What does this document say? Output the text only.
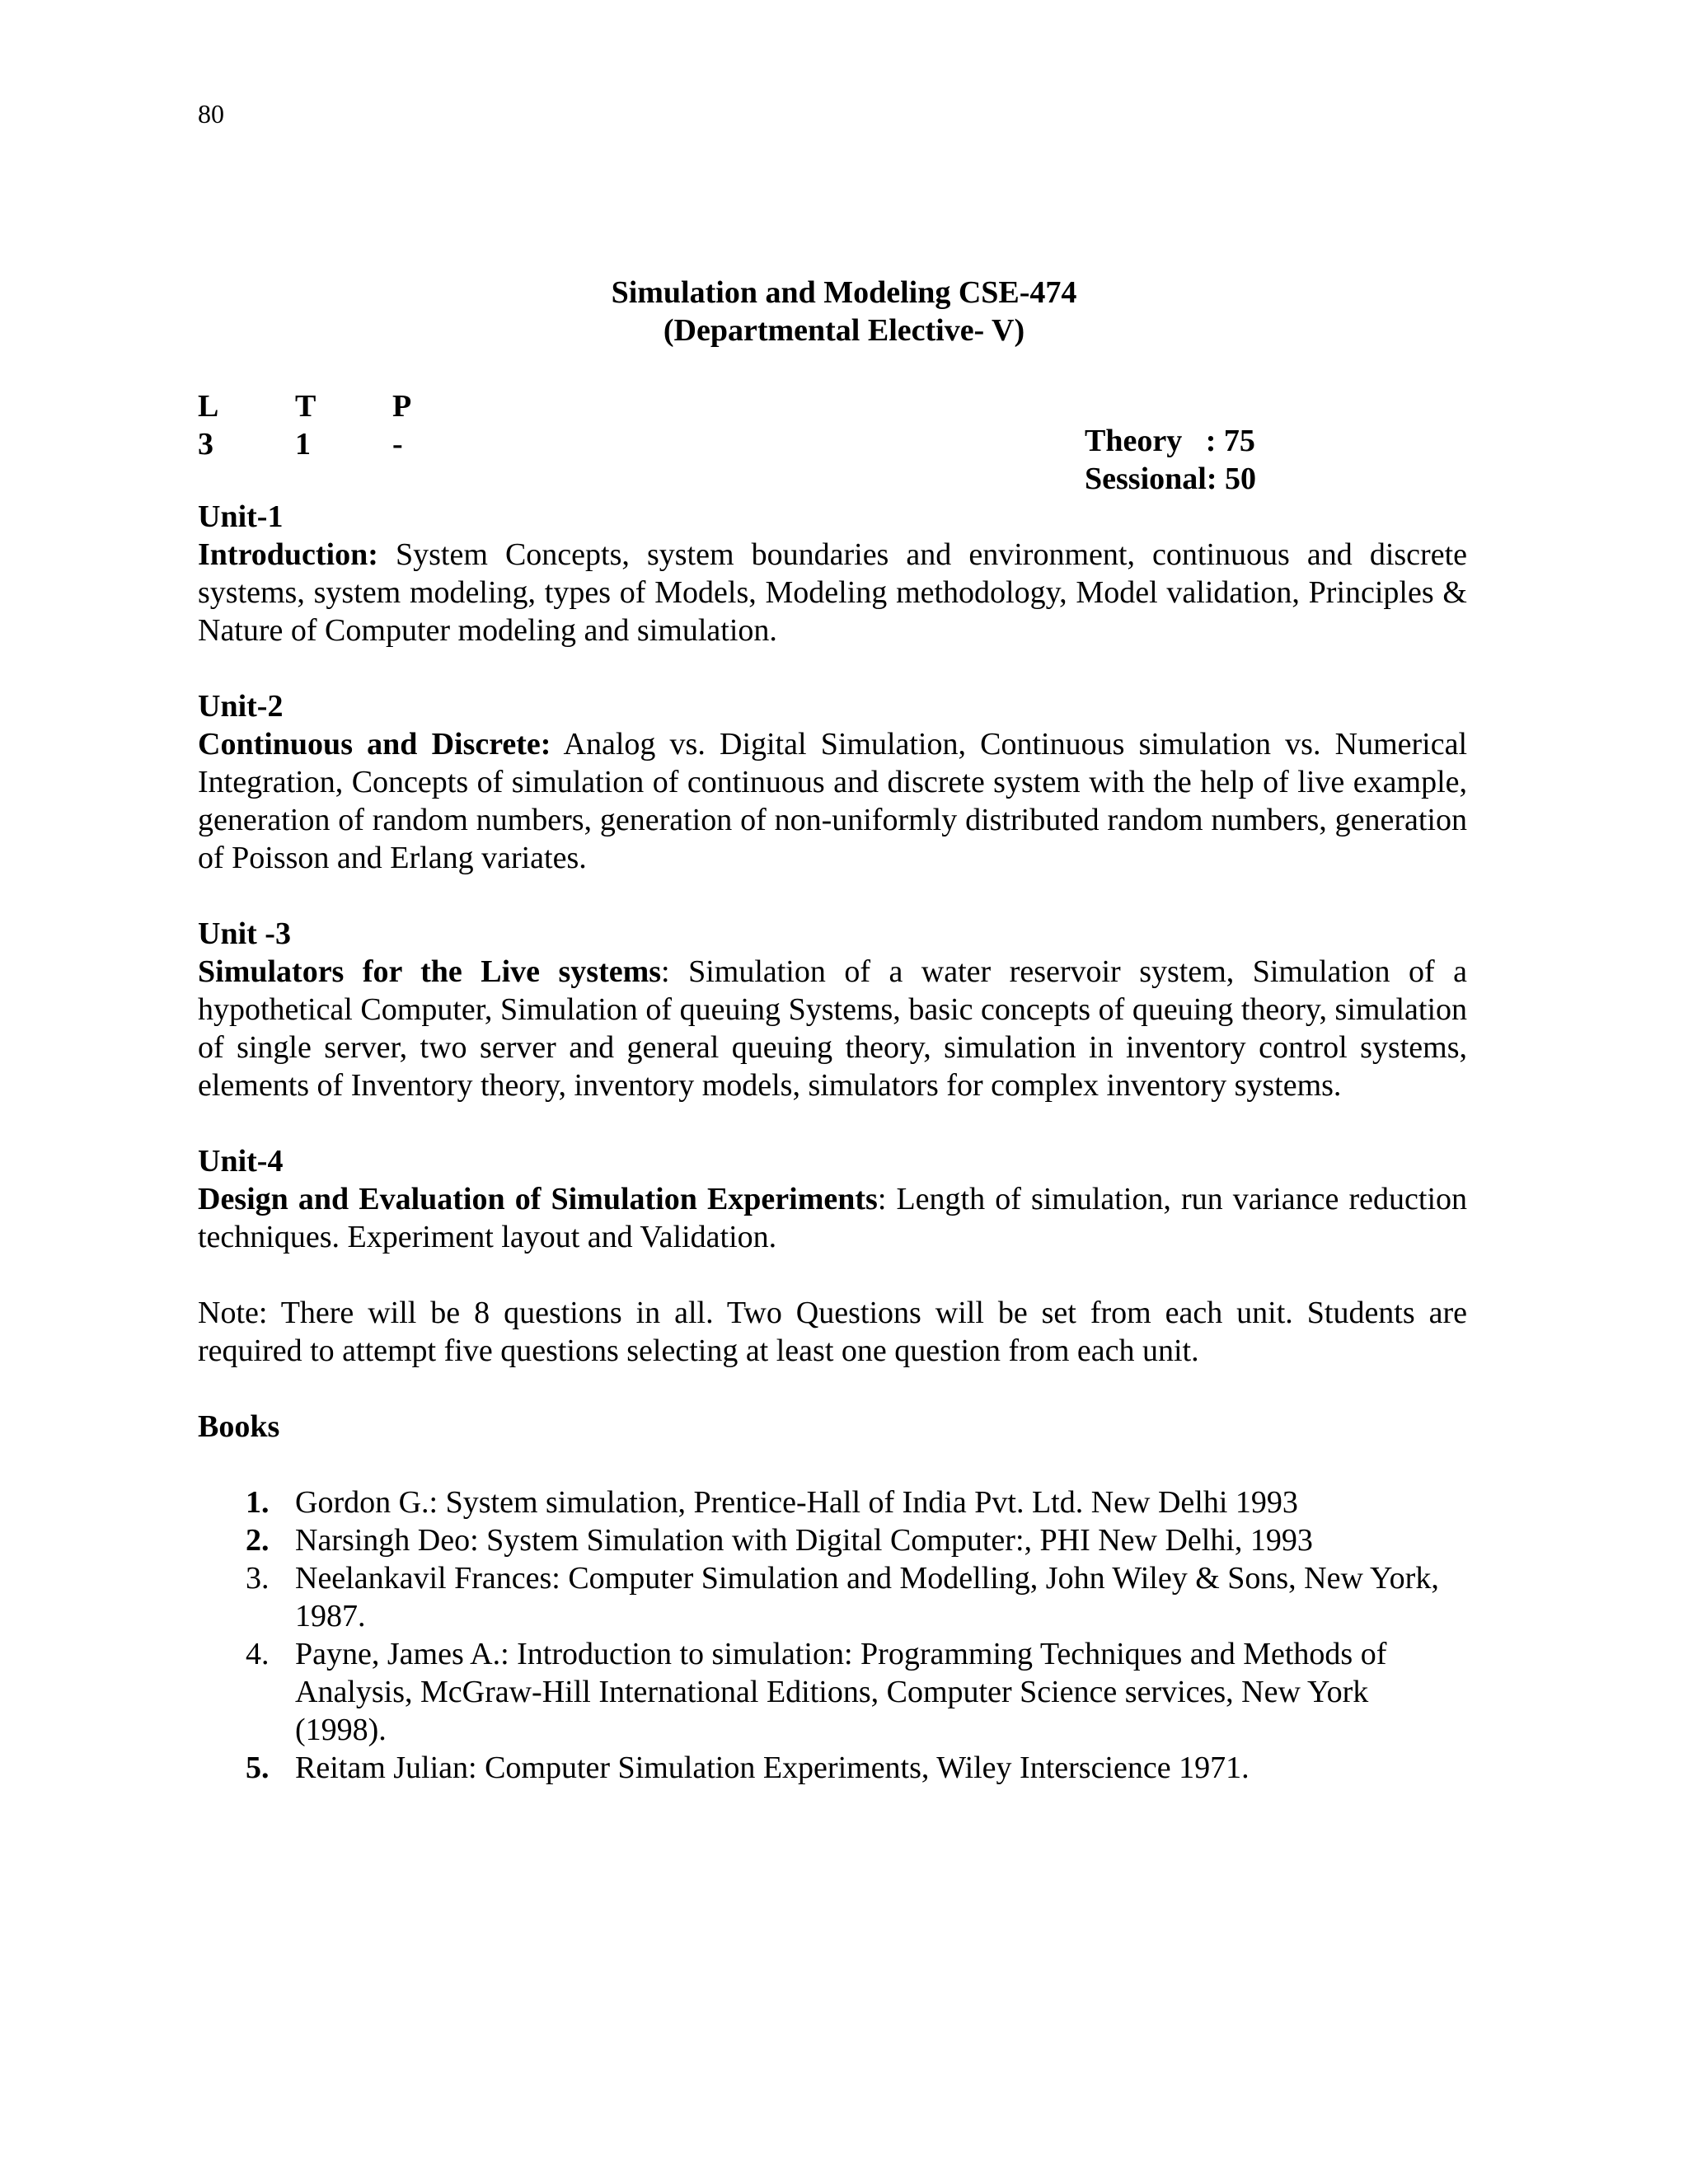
80
Simulation and Modeling CSE-474
(Departmental Elective- V)
L T P
3	1	-	Theory : 75
Sessional : 50
Unit-1
Introduction: System Concepts, system boundaries and environment, continuous and discrete systems, system modeling, types of Models, Modeling methodology, Model validation, Principles & Nature of Computer modeling and simulation.
Unit-2
Continuous and Discrete: Analog vs. Digital Simulation, Continuous simulation vs. Numerical Integration, Concepts of simulation of continuous and discrete system with the help of live example, generation of random numbers, generation of non-uniformly distributed random numbers, generation of Poisson and Erlang variates.
Unit -3
Simulators for the Live systems: Simulation of a water reservoir system, Simulation of a hypothetical Computer, Simulation of queuing Systems, basic concepts of queuing theory, simulation of single server, two server and general queuing theory, simulation in inventory control systems, elements of Inventory theory, inventory models, simulators for complex inventory systems.
Unit-4
Design and Evaluation of Simulation Experiments: Length of simulation, run variance reduction techniques. Experiment layout and Validation.
Note: There will be 8 questions in all. Two Questions will be set from each unit. Students are required to attempt five questions selecting at least one question from each unit.
Books
1. Gordon G.: System simulation, Prentice-Hall of India Pvt. Ltd. New Delhi 1993
2. Narsingh Deo: System Simulation with Digital Computer:, PHI New Delhi, 1993
3. Neelankavil Frances: Computer Simulation and Modelling, John Wiley & Sons, New York, 1987.
4. Payne, James A.: Introduction to simulation: Programming Techniques and Methods of Analysis, McGraw-Hill International Editions, Computer Science services, New York (1998).
5. Reitam Julian: Computer Simulation Experiments, Wiley Interscience 1971.
